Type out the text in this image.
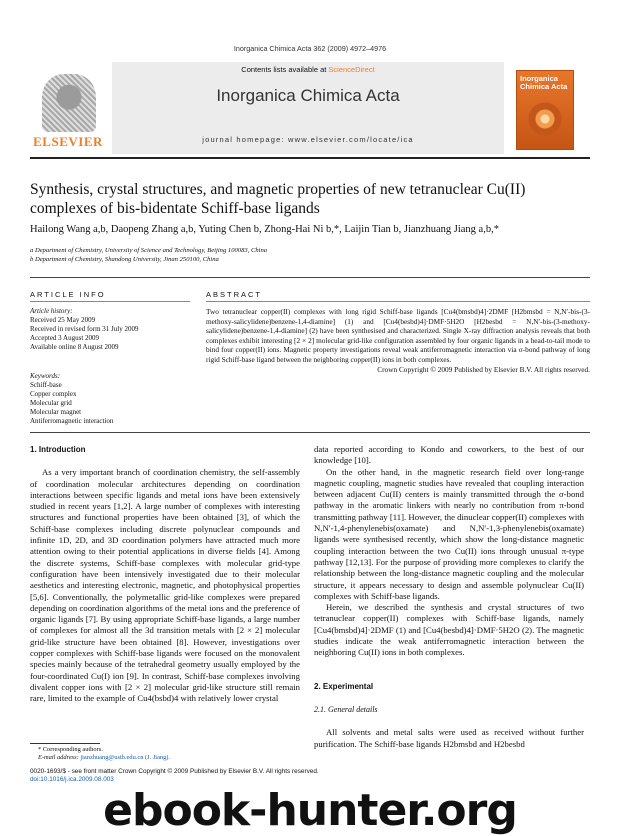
Inorganica Chimica Acta 362 (2009) 4972–4976
ELSEVIER
Contents lists available at ScienceDirect
Inorganica Chimica Acta
journal homepage: www.elsevier.com/locate/ica
Inorganica Chimica Acta
Synthesis, crystal structures, and magnetic properties of new tetranuclear Cu(II) complexes of bis-bidentate Schiff-base ligands
Hailong Wang a,b, Daopeng Zhang a,b, Yuting Chen b, Zhong-Hai Ni b,*, Laijin Tian b, Jianzhuang Jiang a,b,*
a Department of Chemistry, University of Science and Technology, Beijing 100083, China
b Department of Chemistry, Shandong University, Jinan 250100, China
ARTICLE INFO	ABSTRACT
Article history:
Received 25 May 2009
Received in revised form 31 July 2009
Accepted 3 August 2009
Available online 8 August 2009
Keywords:
Schiff-base
Copper complex
Molecular grid
Molecular magnet
Antiferromagnetic interaction
Two tetranuclear copper(II) complexes with long rigid Schiff-base ligands [Cu4(bmsbd)4]·2DMF [H2bmsbd = N,N′-bis-(3-methoxy-salicylidene)benzene-1,4-diamine] (1) and [Cu4(besbd)4]·DMF·5H2O [H2besbd = N,N′-bis-(3-methoxy-salicylidene)benzene-1,4-diamine] (2) have been synthesised and characterized. Single X-ray diffraction analysis reveals that both complexes exhibit interesting [2 × 2] molecular grid-like configuration assembled by four organic ligands in a head-to-tail mode to bind four copper(II) ions. Magnetic property investigations reveal weak antiferromagnetic interaction via σ-bond pathway of long rigid Schiff-base ligand between the neighboring copper(II) ions in both complexes.
Crown Copyright © 2009 Published by Elsevier B.V. All rights reserved.
1. Introduction

As a very important branch of coordination chemistry, the self-assembly of coordination molecular architectures depending on coordination interactions between specific ligands and metal ions have been extensively studied in recent years [1,2]. A large number of complexes with interesting structures and functional properties have been obtained [3], of which the Schiff-base complexes including discrete polynuclear compounds and infinite 1D, 2D, and 3D coordination polymers have attracted much more attention owing to their potential applications in diverse fields [4]. Among the discrete systems, Schiff-base complexes with molecular grid-type configuration have been intensively investigated due to their molecular aesthetics and interesting electronic, magnetic, and photophysical properties [5,6]. Conventionally, the polymetallic grid-like complexes were prepared depending on coordination algorithms of the metal ions and the preference of organic ligands [7]. By using appropriate Schiff-base ligands, a large number of complexes for almost all the 3d transition metals with [2 × 2] molecular grid-like structure have been obtained [8]. However, investigations over copper complexes with Schiff-base ligands were focused on the monovalent species mainly because of the tetrahedral geometry usually employed by the four-coordinated Cu(I) ion [9]. In contrast, Schiff-base complexes involving divalent copper ions with [2 × 2] molecular grid-like structure still remain rare, limited to the example of Cu4(bsbd)4 with relatively lower crystal

data reported according to Kondo and coworkers, to the best of our knowledge [10].

On the other hand, in the magnetic research field over long-range magnetic coupling, magnetic studies have revealed that coupling interaction between adjacent Cu(II) centers is mainly transmitted through the σ-bond pathway in the aromatic linkers with nearly no contribution from π-bond transmitting pathway [11]. However, the dinuclear copper(II) complexes with N,N′-1,4-phenylenebis(oxamate) and N,N′-1,3-phenylenebis(oxamate) ligands were synthesised recently, which show the long-distance magnetic coupling interaction between the two Cu(II) ions through unusual π-type pathway [12,13]. For the purpose of providing more complexes to clarify the relationship between the long-distance magnetic coupling and the molecular structure, it appears necessary to design and assemble polynuclear Cu(II) complexes with Schiff-base ligands.

Herein, we described the synthesis and crystal structures of two tetranuclear copper(II) complexes with Schiff-base ligands, namely [Cu4(bmsbd)4]·2DMF (1) and [Cu4(besbd)4]·DMF·5H2O (2). The magnetic studies indicate the weak antiferromagnetic interaction between the neighboring Cu(II) ions in both complexes.

2. Experimental
2.1. General details

All solvents and metal salts were used as received without further purification. The Schiff-base ligands H2bmsbd and H2besbd

* Corresponding authors.
E-mail address: jianzhuang@ustb.edu.cn (J. Jiang).
0020-1693/$ - see front matter Crown Copyright © 2009 Published by Elsevier B.V. All rights reserved.
doi:10.1016/j.ica.2009.08.003
ebook-hunter.org
